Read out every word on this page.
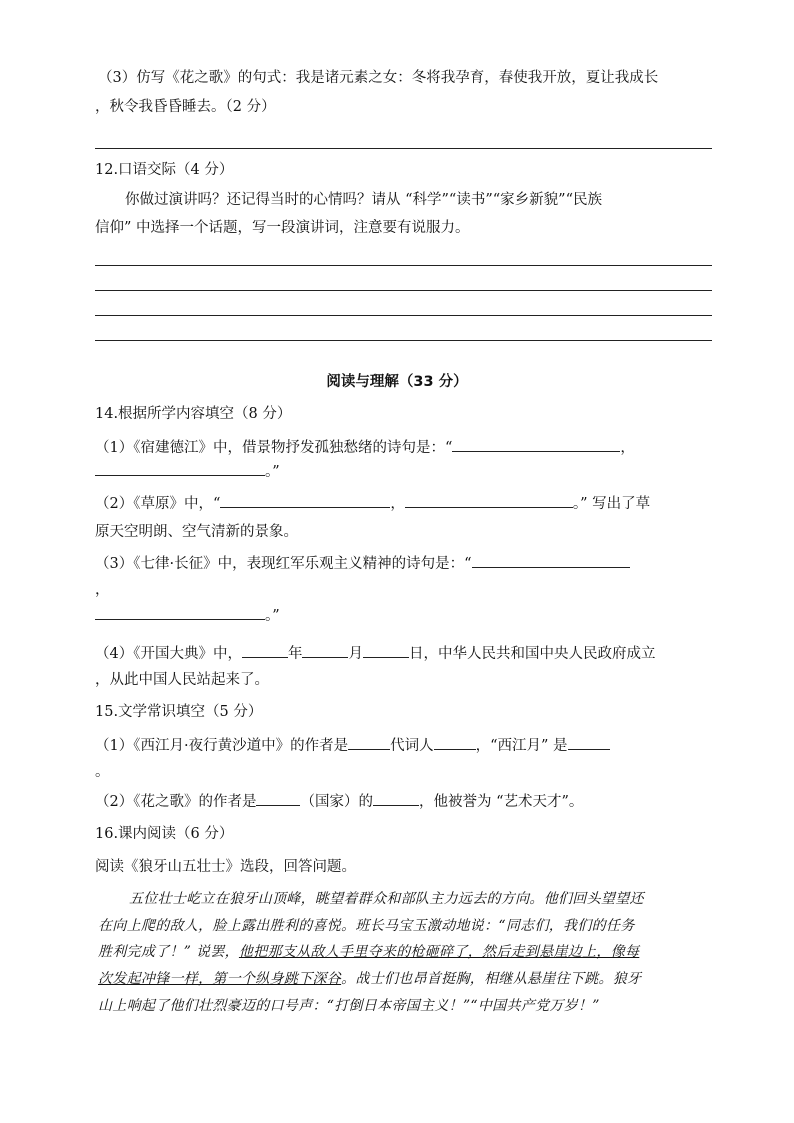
（3）仿写《花之歌》的句式：我是诸元素之女：冬将我孕育，春使我开放，夏让我成长
，秋令我昏昏睡去。（2 分）
12.口语交际（4 分）
你做过演讲吗？还记得当时的心情吗？请从 “科学”“读书”“家乡新貌”“民族
信仰” 中选择一个话题，写一段演讲词，注意要有说服力。
阅读与理解（33 分）
14.根据所学内容填空（8 分）
（1）《宿建德江》中，借景物抒发孤独愁绪的诗句是：“	，
。”
（2）《草原》中，“	，	。” 写出了草
原天空明朗、空气清新的景象。
（3）《七律·长征》中，表现红军乐观主义精神的诗句是：“
，
。”
（4）《开国大典》中，	年	月	日，中华人民共和国中央人民政府成立
，从此中国人民站起来了。
15.文学常识填空（5 分）
（1）《西江月·夜行黄沙道中》的作者是	代词人	，“西江月” 是
。
（2）《花之歌》的作者是	（国家）的	，他被誉为 “艺术天才”。
16.课内阅读（6 分）
阅读《狼牙山五壮士》选段，回答问题。
五位壮士屹立在狼牙山顶峰，眺望着群众和部队主力远去的方向。他们回头望望还
在向上爬的敌人，脸上露出胜利的喜悦。班长马宝玉激动地说：“同志们，我们的任务
胜利完成了！” 说罢，他把那支从敌人手里夺来的枪砸碎了，然后走到悬崖边上，像每
次发起冲锋一样，第一个纵身跳下深谷。战士们也昂首挺胸，相继从悬崖往下跳。狼牙
山上响起了他们壮烈豪迈的口号声：“打倒日本帝国主义！”“中国共产党万岁！”
